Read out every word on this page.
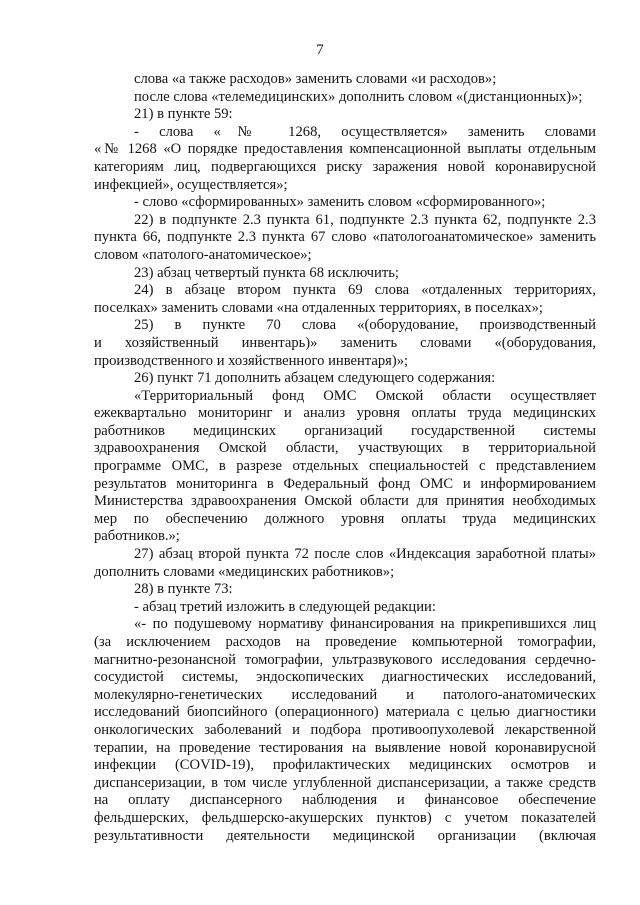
7
слова «а также расходов» заменить словами «и расходов»;
после слова «телемедицинских» дополнить словом «(дистанционных)»;
21) в пункте 59:
- слова «№ 1268, осуществляется» заменить словами
«№ 1268 «О порядке предоставления компенсационной выплаты отдельным
категориям лиц, подвергающихся риску заражения новой коронавирусной
инфекцией», осуществляется»;
- слово «сформированных» заменить словом «сформированного»;
22) в подпункте 2.3 пункта 61, подпункте 2.3 пункта 62, подпункте 2.3
пункта 66, подпункте 2.3 пункта 67 слово «патологоанатомическое» заменить
словом «патолого-анатомическое»;
23) абзац четвертый пункта 68 исключить;
24) в абзаце втором пункта 69 слова «отдаленных территориях,
поселках» заменить словами «на отдаленных территориях, в поселках»;
25) в пункте 70 слова «(оборудование, производственный
и хозяйственный инвентарь)» заменить словами «(оборудования,
производственного и хозяйственного инвентаря)»;
26) пункт 71 дополнить абзацем следующего содержания:
«Территориальный фонд ОМС Омской области осуществляет
ежеквартально мониторинг и анализ уровня оплаты труда медицинских
работников медицинских организаций государственной системы
здравоохранения Омской области, участвующих в территориальной
программе ОМС, в разрезе отдельных специальностей с представлением
результатов мониторинга в Федеральный фонд ОМС и информированием
Министерства здравоохранения Омской области для принятия необходимых
мер по обеспечению должного уровня оплаты труда медицинских
работников.»;
27) абзац второй пункта 72 после слов «Индексация заработной платы»
дополнить словами «медицинских работников»;
28) в пункте 73:
- абзац третий изложить в следующей редакции:
«- по подушевому нормативу финансирования на прикрепившихся лиц
(за исключением расходов на проведение компьютерной томографии,
магнитно-резонансной томографии, ультразвукового исследования сердечно-
сосудистой системы, эндоскопических диагностических исследований,
молекулярно-генетических исследований и патолого-анатомических
исследований биопсийного (операционного) материала с целью диагностики
онкологических заболеваний и подбора противоопухолевой лекарственной
терапии, на проведение тестирования на выявление новой коронавирусной
инфекции (COVID-19), профилактических медицинских осмотров и
диспансеризации, в том числе углубленной диспансеризации, а также средств
на оплату диспансерного наблюдения и финансовое обеспечение
фельдшерских, фельдшерско-акушерских пунктов) с учетом показателей
результативности деятельности медицинской организации (включая
